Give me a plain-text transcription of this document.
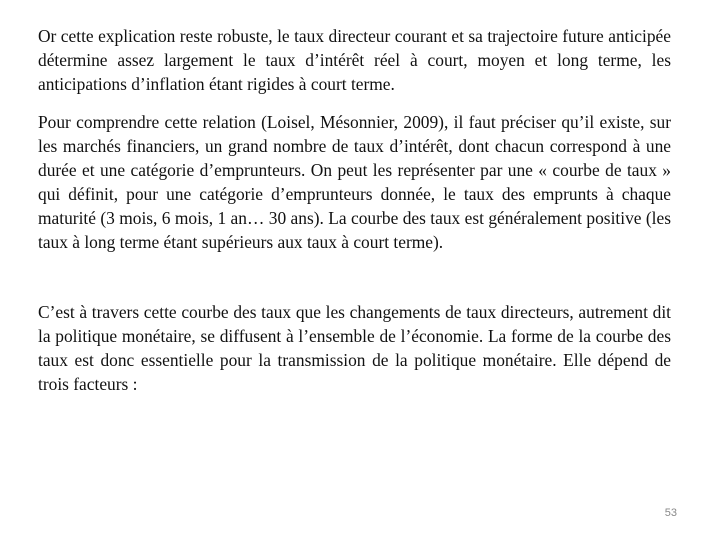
Or cette explication reste robuste, le taux directeur courant et sa trajectoire future anticipée détermine assez largement le taux d’intérêt réel à court, moyen et long terme, les anticipations d’inflation étant rigides à court terme.

Pour comprendre cette relation (Loisel, Mésonnier, 2009), il faut préciser qu’il existe, sur les marchés financiers, un grand nombre de taux d’intérêt, dont chacun correspond à une durée et une catégorie d’emprunteurs. On peut les représenter par une « courbe de taux » qui définit, pour une catégorie d’emprunteurs donnée, le taux des emprunts à chaque maturité (3 mois, 6 mois, 1 an… 30 ans). La courbe des taux est généralement positive (les taux à long terme étant supérieurs aux taux à court terme).

C’est à travers cette courbe des taux que les changements de taux directeurs, autrement dit la politique monétaire, se diffusent à l’ensemble de l’économie. La forme de la courbe des taux est donc essentielle pour la transmission de la politique monétaire. Elle dépend de trois facteurs :

53
